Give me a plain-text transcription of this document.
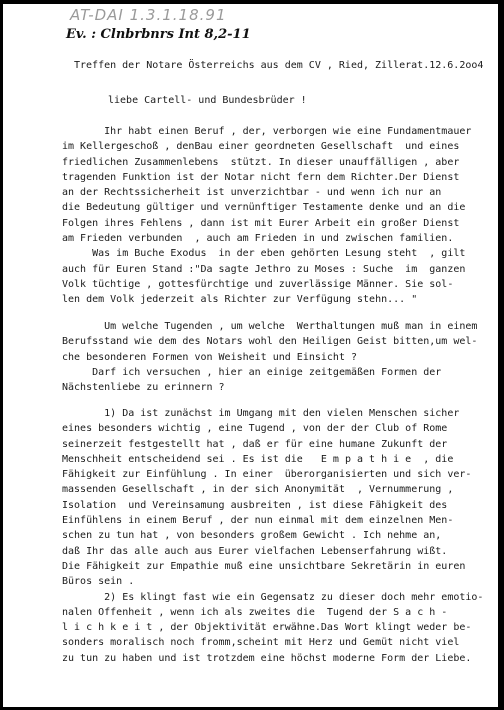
AT-DAI 1.3.1.18.91
Ev. : Clnbrbnrs Int 8,2-11
Treffen der Notare Österreichs aus dem CV , Ried, Zillerat.12.6.2oo4
liebe Cartell- und Bundesbrüder !
Ihr habt einen Beruf , der, verborgen wie eine Fundamentmauer
im Kellergeschoß , denBau einer geordneten Gesellschaft  und eines
friedlichen Zusammenlebens  stützt. In dieser unauffälligen , aber
tragenden Funktion ist der Notar nicht fern dem Richter.Der Dienst
an der Rechtssicherheit ist unverzichtbar - und wenn ich nur an
die Bedeutung gültiger und vernünftiger Testamente denke und an die
Folgen ihres Fehlens , dann ist mit Eurer Arbeit ein großer Dienst
am Frieden verbunden  , auch am Frieden in und zwischen familien.
Was im Buche Exodus  in der eben gehörten Lesung steht  , gilt
auch für Euren Stand :"Da sagte Jethro zu Moses : Suche  im  ganzen
Volk tüchtige , gottesfürchtige und zuverlässige Männer. Sie sol-
len dem Volk jederzeit als Richter zur Verfügung stehn... "
Um welche Tugenden , um welche  Werthaltungen muß man in einem
Berufsstand wie dem des Notars wohl den Heiligen Geist bitten,um wel-
che besonderen Formen von Weisheit und Einsicht ?
Darf ich versuchen , hier an einige zeitgemäßen Formen der
Nächstenliebe zu erinnern ?
1) Da ist zunächst im Umgang mit den vielen Menschen sicher
eines besonders wichtig , eine Tugend , von der der Club of Rome
seinerzeit festgestellt hat , daß er für eine humane Zukunft der
Menschheit entscheidend sei . Es ist die   E m p a t h i e  , die
Fähigkeit zur Einfühlung . In einer  überorganisierten und sich ver-
massenden Gesellschaft , in der sich Anonymität  , Vernummerung ,
Isolation  und Vereinsamung ausbreiten , ist diese Fähigkeit des
Einfühlens in einem Beruf , der nun einmal mit dem einzelnen Men-
schen zu tun hat , von besonders großem Gewicht . Ich nehme an,
daß Ihr das alle auch aus Eurer vielfachen Lebenserfahrung wißt.
Die Fähigkeit zur Empathie muß eine unsichtbare Sekretärin in euren
Büros sein .
2) Es klingt fast wie ein Gegensatz zu dieser doch mehr emotio-
nalen Offenheit , wenn ich als zweites die  Tugend der S a c h -
l i c h k e i t , der Objektivität erwähne.Das Wort klingt weder be-
sonders moralisch noch fromm,scheint mit Herz und Gemüt nicht viel
zu tun zu haben und ist trotzdem eine höchst moderne Form der Liebe.
